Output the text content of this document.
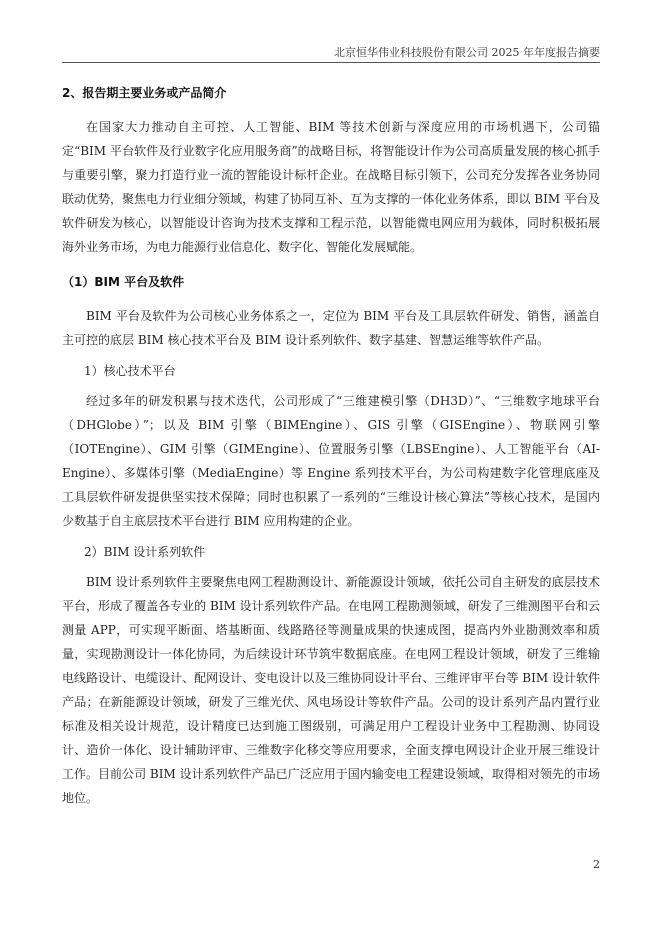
北京恒华伟业科技股份有限公司 2025 年年度报告摘要
2、报告期主要业务或产品简介

在国家大力推动自主可控、人工智能、BIM 等技术创新与深度应用的市场机遇下，公司锚定“BIM 平台软件及行业数字化应用服务商”的战略目标，将智能设计作为公司高质量发展的核心抓手与重要引擎，聚力打造行业一流的智能设计标杆企业。在战略目标引领下，公司充分发挥各业务协同联动优势，聚焦电力行业细分领域，构建了协同互补、互为支撑的一体化业务体系，即以 BIM 平台及软件研发为核心，以智能设计咨询为技术支撑和工程示范，以智能微电网应用为载体，同时积极拓展海外业务市场，为电力能源行业信息化、数字化、智能化发展赋能。

（1）BIM 平台及软件

BIM 平台及软件为公司核心业务体系之一，定位为 BIM 平台及工具层软件研发、销售，涵盖自主可控的底层 BIM 核心技术平台及 BIM 设计系列软件、数字基建、智慧运维等软件产品。

1）核心技术平台

经过多年的研发积累与技术迭代，公司形成了“三维建模引擎（DH3D）”、“三维数字地球平台（DHGlobe）”；以及 BIM 引擎（BIMEngine）、GIS 引擎（GISEngine）、物联网引擎（IOTEngine）、GIM 引擎（GIMEngine）、位置服务引擎（LBSEngine）、人工智能平台（AI-Engine）、多媒体引擎（MediaEngine）等 Engine 系列技术平台，为公司构建数字化管理底座及工具层软件研发提供坚实技术保障；同时也积累了一系列的“三维设计核心算法”等核心技术，是国内少数基于自主底层技术平台进行 BIM 应用构建的企业。

2）BIM 设计系列软件

BIM 设计系列软件主要聚焦电网工程勘测设计、新能源设计领域，依托公司自主研发的底层技术平台，形成了覆盖各专业的 BIM 设计系列软件产品。在电网工程勘测领域，研发了三维测图平台和云测量 APP，可实现平断面、塔基断面、线路路径等测量成果的快速成图，提高内外业勘测效率和质量，实现勘测设计一体化协同，为后续设计环节筑牢数据底座。在电网工程设计领域，研发了三维输电线路设计、电缆设计、配网设计、变电设计以及三维协同设计平台、三维评审平台等 BIM 设计软件产品；在新能源设计领域，研发了三维光伏、风电场设计等软件产品。公司的设计系列产品内置行业标准及相关设计规范，设计精度已达到施工图级别，可满足用户工程设计业务中工程勘测、协同设计、造价一体化、设计辅助评审、三维数字化移交等应用要求，全面支撑电网设计企业开展三维设计工作。目前公司 BIM 设计系列软件产品已广泛应用于国内输变电工程建设领域，取得相对领先的市场地位。

2
